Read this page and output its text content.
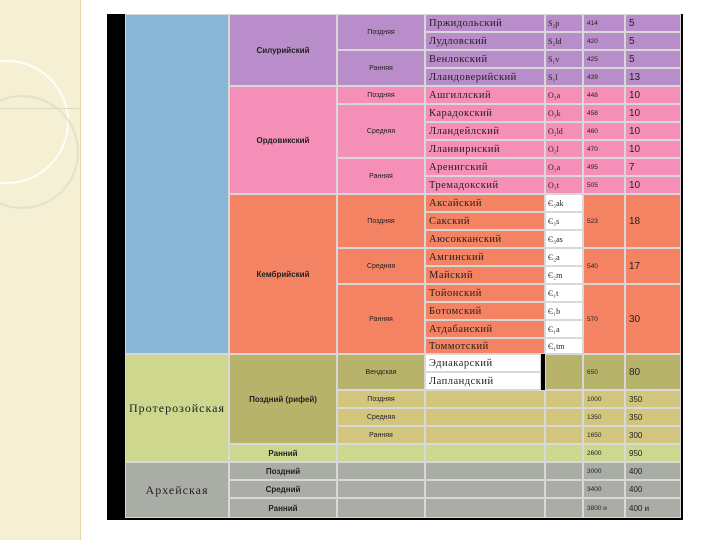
Протерозойская
Архейская
Силурийский
Ордовикский
Кембрийский
Поздний (рифей)
Ранний
Поздний
Средний
Ранний
Поздняя
Ранняя
Поздняя
Средняя
Ранняя
Поздняя
Средняя
Ранняя
Вендская
Поздняя
Средняя
Ранняя
Пржидольский
Лудловский
Венлокский
Лландоверийский
Ашгиллский
Карадокский
Лландейлский
Лланвирнский
Аренигский
Тремадокский
Аксайский
Сакский
Аюсокканский
Амгинский
Майский
Тойонский
Ботомский
Атдабанский
Томмотский
Эдиакарский
Лапландский
S₂p
S₂ld
S₁v
S₁l
O₃a
O₃k
O₂ld
O₂l
O₁a
O₁t
Є₃ak
Є₃s
Є₃as
Є₂a
Є₂m
Є₁t
Є₁b
Є₁a
Є₁tm
414
420
425
439
448
458
460
470
495
505
523
540
570
650
1000
1350
1650
2600
3000
3400
3800 и
5
5
5
13
10
10
10
10
7
10
18
17
30
80
350
350
300
950
400
400
400 и
